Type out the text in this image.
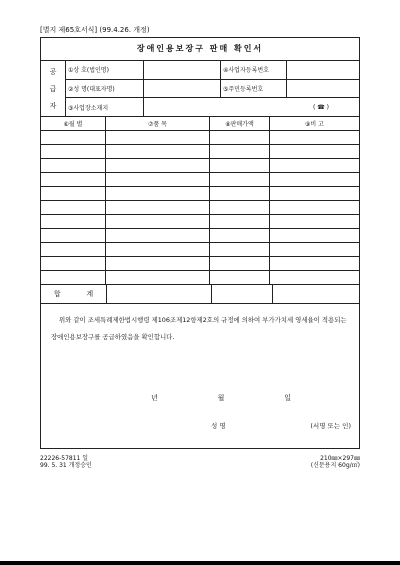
[별지 제65호서식] (99.4.26. 개정)
장애인용보장구 판매 확인서
공
급
자
①상 호(법인명)	④사업자등록번호
②성 명(대표자명)	⑤주민등록번호
③사업장소재지	( ☎ )
⑥월 별	⑦품 목	⑧판매가액	⑨비 고
합	계
위와 같이 조세특례제한법시행령 제106조제12항제2호의 규정에 의하여 부가가치세 영세율이 적용되는 장애인용보장구를 공급하였음을 확인합니다.
년	월	일
성 명	(서명 또는 인)
22226-57811 일
99. 5. 31 개정승인
210㎜×297㎜
(신문용지 60g/㎡)
